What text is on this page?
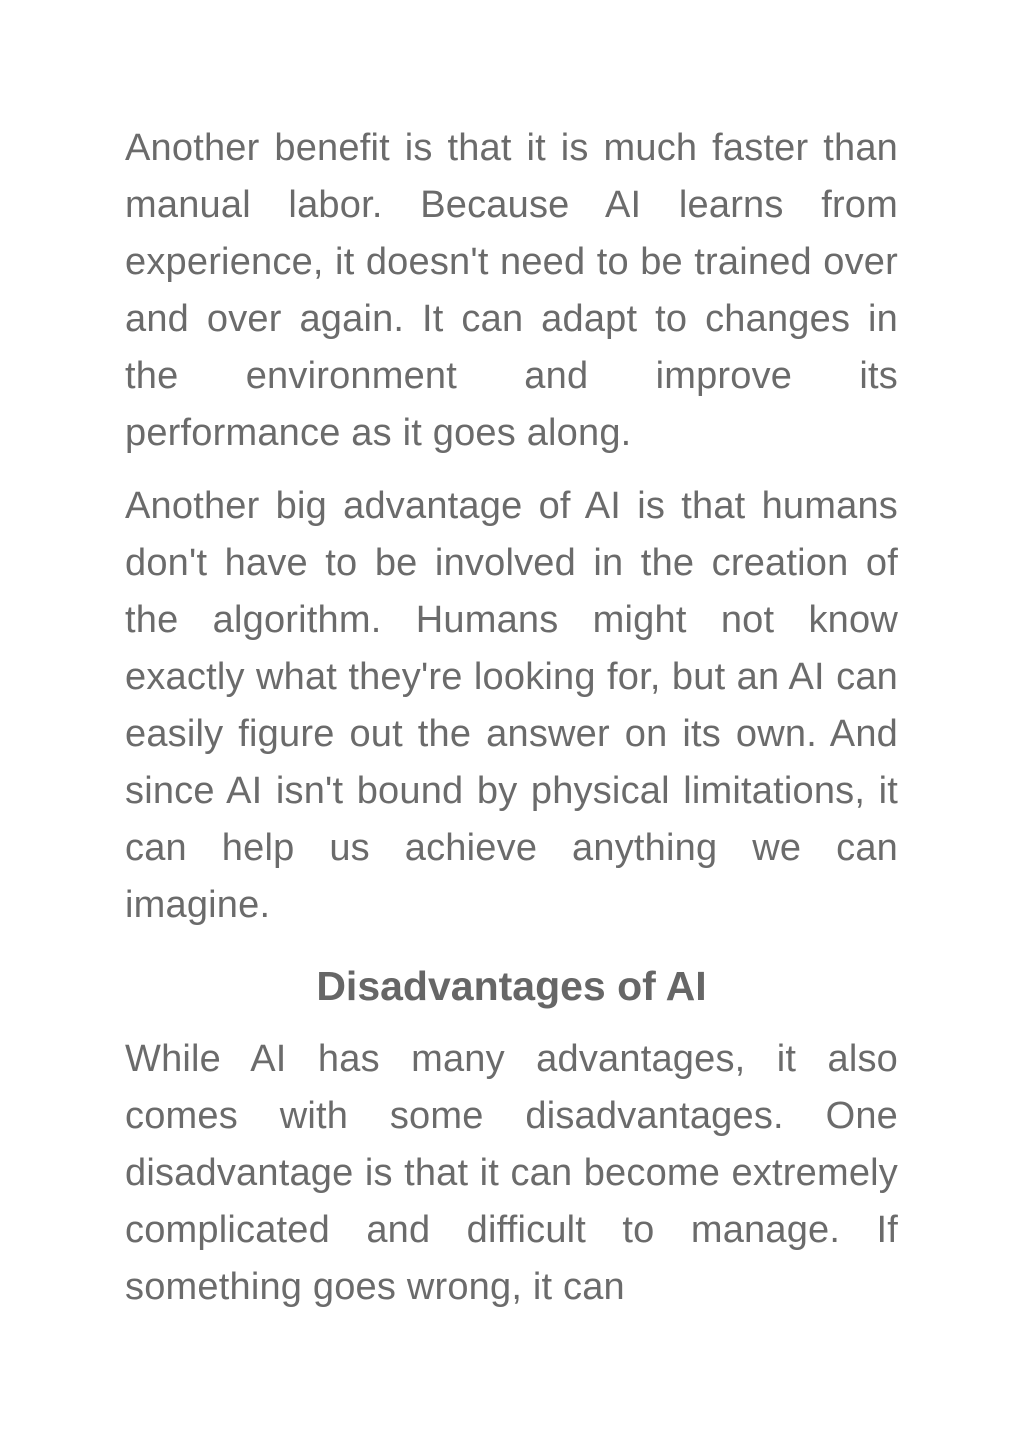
Another benefit is that it is much faster than manual labor. Because AI learns from experience, it doesn't need to be trained over and over again. It can adapt to changes in the environment and improve its performance as it goes along.

Another big advantage of AI is that humans don't have to be involved in the creation of the algorithm. Humans might not know exactly what they're looking for, but an AI can easily figure out the answer on its own. And since AI isn't bound by physical limitations, it can help us achieve anything we can imagine.

Disadvantages of AI

While AI has many advantages, it also comes with some disadvantages. One disadvantage is that it can become extremely complicated and difficult to manage. If something goes wrong, it can
